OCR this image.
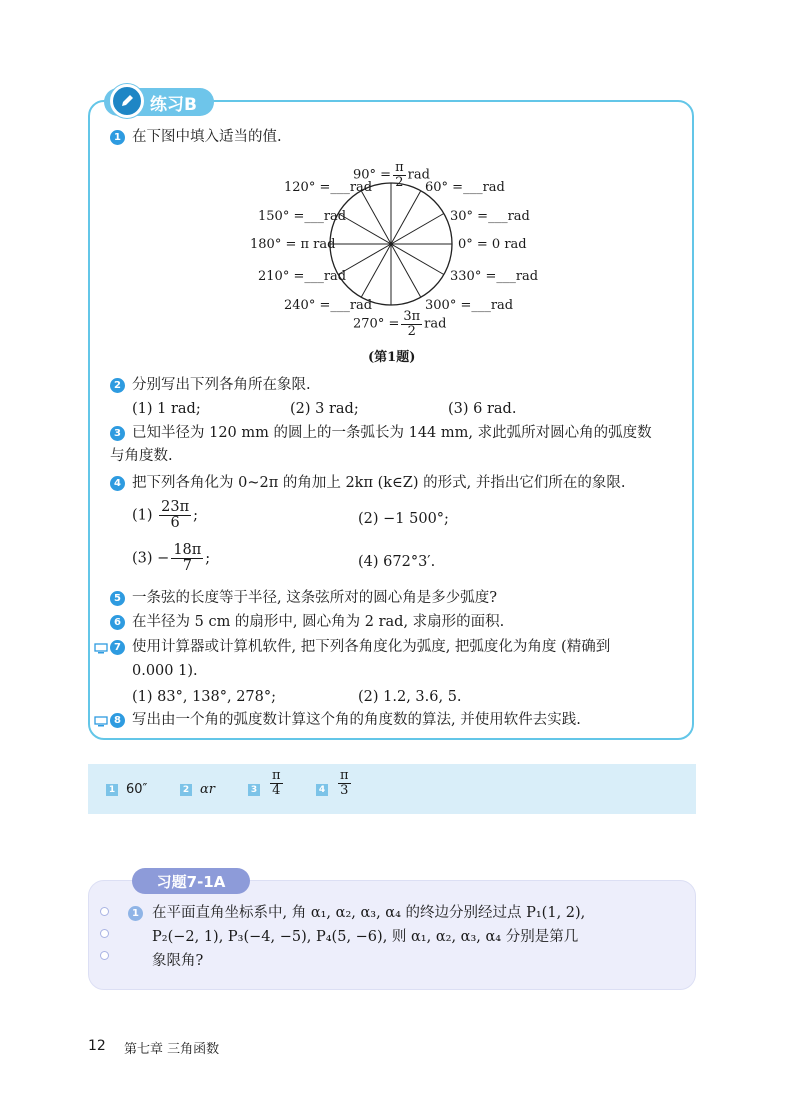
练习B
1 在下图中填入适当的值.
$90^\circ = \frac{\pi}{2}$ rad
60° =___rad
120° =___rad
30° =___rad
150° =___rad
0° = 0 rad
180° = π rad
330° =___rad
210° =___rad
300° =___rad
240° =___rad
$270^\circ = \frac{3\pi}{2}$ rad
(第1题)
2 分别写出下列各角所在象限.
(1) 1 rad;	(2) 3 rad;	(3) 6 rad.
3 已知半径为 120 mm 的圆上的一条弧长为 144 mm, 求此弧所对圆心角的弧度数
与角度数.
4 把下列各角化为 0~2π 的角加上 2kπ (k∈Z) 的形式, 并指出它们所在的象限.
$(1) \frac{23\pi}{6}$ ;	(2) −1 500°;
$(3) - \frac{18\pi}{7}$ ;	(4) 672°3′.
5 一条弦的长度等于半径, 这条弦所对的圆心角是多少弧度?
6 在半径为 5 cm 的扇形中, 圆心角为 2 rad, 求扇形的面积.
7 使用计算器或计算机软件, 把下列各角度化为弧度, 把弧度化为角度 (精确到
0.000 1).
(1) 83°, 138°, 278°;	(2) 1.2, 3.6, 5.
8 写出由一个角的弧度数计算这个角的角度数的算法, 并使用软件去实践.
1 60″	2 αr	$3 \frac{\pi}{4}$	$4 \frac{\pi}{3}$
习题7-1A
1 在平面直角坐标系中, 角 α₁, α₂, α₃, α₄ 的终边分别经过点 P₁(1, 2),
P₂(−2, 1), P₃(−4, −5), P₄(5, −6), 则 α₁, α₂, α₃, α₄ 分别是第几
象限角?
12 第七章 三角函数
